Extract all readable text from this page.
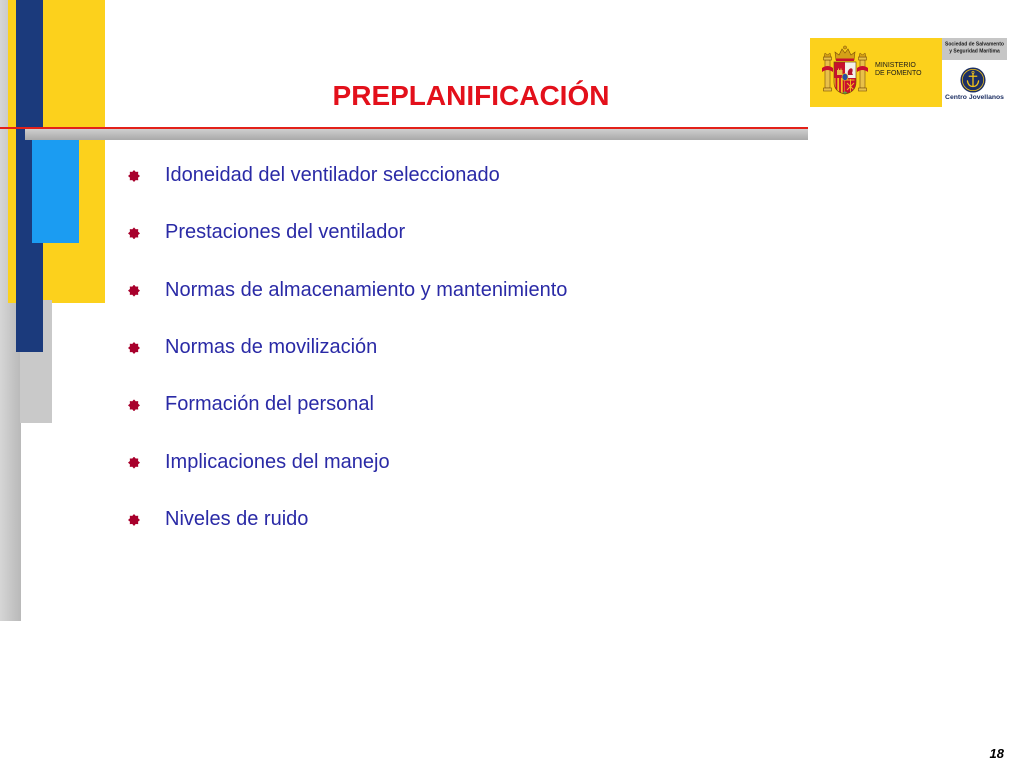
PREPLANIFICACIÓN
Idoneidad del ventilador seleccionado
Prestaciones del ventilador
Normas de almacenamiento y mantenimiento
Normas de movilización
Formación del personal
Implicaciones del manejo
Niveles de ruido
MINISTERIO
DE FOMENTO
Sociedad de Salvamento
y Seguridad Marítima
Centro Jovellanos
18
